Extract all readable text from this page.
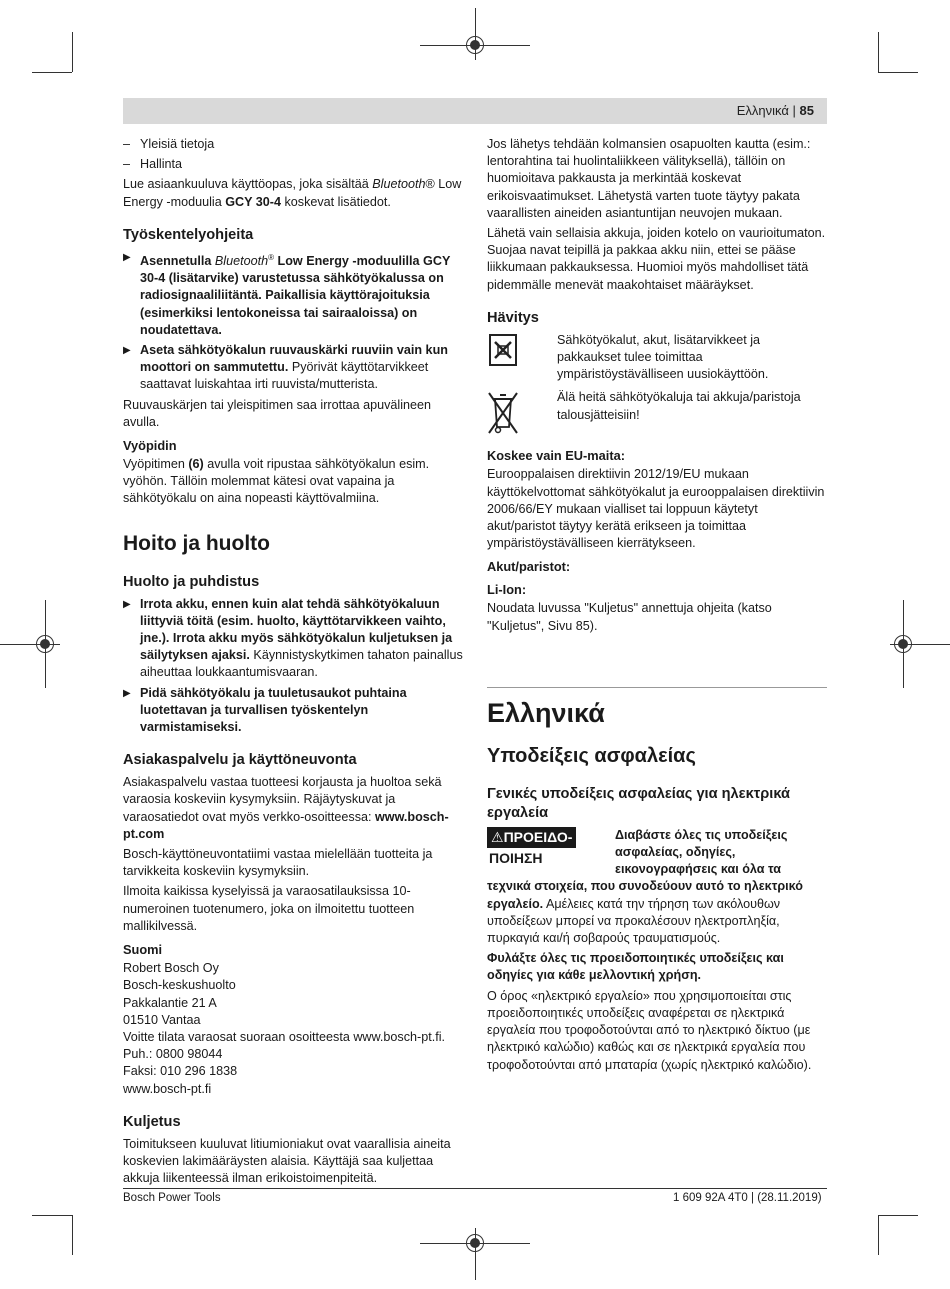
Ελληνικά | 85

– Yleisiä tietoja

– Hallinta

Lue asiaankuuluva käyttöopas, joka sisältää Bluetooth® Low Energy -moduulia GCY 30-4 koskevat lisätiedot.

Työskentelyohjeita

▶ Asennetulla Bluetooth® Low Energy -moduulilla GCY 30-4 (lisätarvike) varustetussa sähkötyökalussa on radiosignaaliliitäntä. Paikallisia käyttörajoituksia (esimerkiksi lentokoneissa tai sairaaloissa) on noudatettava.

▶ Aseta sähkötyökalun ruuvauskärki ruuviin vain kun moottori on sammutettu. Pyörivät käyttötarvikkeet saattavat luiskahtaa irti ruuvista/mutterista.

Ruuvauskärjen tai yleispitimen saa irrottaa apuvälineen avulla.

Vyöpidin

Vyöpitimen (6) avulla voit ripustaa sähkötyökalun esim. vyöhön. Tällöin molemmat kätesi ovat vapaina ja sähkötyökalu on aina nopeasti käyttövalmiina.

Hoito ja huolto
Huolto ja puhdistus

▶ Irrota akku, ennen kuin alat tehdä sähkötyökaluun liittyviä töitä (esim. huolto, käyttötarvikkeen vaihto, jne.). Irrota akku myös sähkötyökalun kuljetuksen ja säilytyksen ajaksi. Käynnistyskytkimen tahaton painallus aiheuttaa loukkaantumisvaaran.

▶ Pidä sähkötyökalu ja tuuletusaukot puhtaina luotettavan ja turvallisen työskentelyn varmistamiseksi.

Asiakaspalvelu ja käyttöneuvonta

Asiakaspalvelu vastaa tuotteesi korjausta ja huoltoa sekä varaosia koskeviin kysymyksiin. Räjäytyskuvat ja varaosatiedot ovat myös verkko-osoitteessa: www.bosch-pt.com

Bosch-käyttöneuvontatiimi vastaa mielellään tuotteita ja tarvikkeita koskeviin kysymyksiin.

Ilmoita kaikissa kyselyissä ja varaosatilauksissa 10-numeroinen tuotenumero, joka on ilmoitettu tuotteen mallikilvessä.

Suomi

Robert Bosch Oy

Bosch-keskushuolto

Pakkalantie 21 A

01510 Vantaa

Voitte tilata varaosat suoraan osoitteesta www.bosch-pt.fi.

Puh.: 0800 98044

Faksi: 010 296 1838

www.bosch-pt.fi

Kuljetus

Toimitukseen kuuluvat litiumioniakut ovat vaarallisia aineita koskevien lakimääräysten alaisia. Käyttäjä saa kuljettaa akkuja liikenteessä ilman erikoistoimenpiteitä.

Jos lähetys tehdään kolmansien osapuolten kautta (esim.: lentorahtina tai huolintaliikkeen välityksellä), tällöin on huomioitava pakkausta ja merkintää koskevat erikoisvaatimukset. Lähetystä varten tuote täytyy pakata vaarallisten aineiden asiantuntijan neuvojen mukaan.

Lähetä vain sellaisia akkuja, joiden kotelo on vaurioitumaton. Suojaa navat teipillä ja pakkaa akku niin, ettei se pääse liikkumaan pakkauksessa. Huomioi myös mahdolliset tätä pidemmälle menevät maakohtaiset määräykset.

Hävitys
Sähkötyökalut, akut, lisätarvikkeet ja pakkaukset tulee toimittaa ympäristöystävälliseen uusiokäyttöön.
Älä heitä sähkötyökaluja tai akkuja/paristoja talousjätteisiin!
Koskee vain EU-maita:

Eurooppalaisen direktiivin 2012/19/EU mukaan käyttökelvottomat sähkötyökalut ja eurooppalaisen direktiivin 2006/66/EY mukaan vialliset tai loppuun käytetyt akut/paristot täytyy kerätä erikseen ja toimittaa ympäristöystävälliseen kierrätykseen.

Akut/paristot:
Li-Ion:

Noudata luvussa "Kuljetus" annettuja ohjeita (katso "Kuljetus", Sivu 85).

Ελληνικά
Υποδείξεις ασφαλείας
Γενικές υποδείξεις ασφαλείας για ηλεκτρικά εργαλεία
⚠ΠΡΟΕΙΔΟ-
ΠΟΙΗΣΗ
Διαβάστε όλες τις υποδείξεις ασφαλείας, οδηγίες, εικονογραφήσεις και όλα τα

τεχνικά στοιχεία, που συνοδεύουν αυτό το ηλεκτρικό εργαλείο. Αμέλειες κατά την τήρηση των ακόλουθων υποδείξεων μπορεί να προκαλέσουν ηλεκτροπληξία, πυρκαγιά και/ή σοβαρούς τραυματισμούς.

Φυλάξτε όλες τις προειδοποιητικές υποδείξεις και οδηγίες για κάθε μελλοντική χρήση.

Ο όρος «ηλεκτρικό εργαλείο» που χρησιμοποιείται στις προειδοποιητικές υποδείξεις αναφέρεται σε ηλεκτρικά εργαλεία που τροφοδοτούνται από το ηλεκτρικό δίκτυο (με ηλεκτρικό καλώδιο) καθώς και σε ηλεκτρικά εργαλεία που τροφοδοτούνται από μπαταρία (χωρίς ηλεκτρικό καλώδιο).

Bosch Power Tools	1 609 92A 4T0 | (28.11.2019)
